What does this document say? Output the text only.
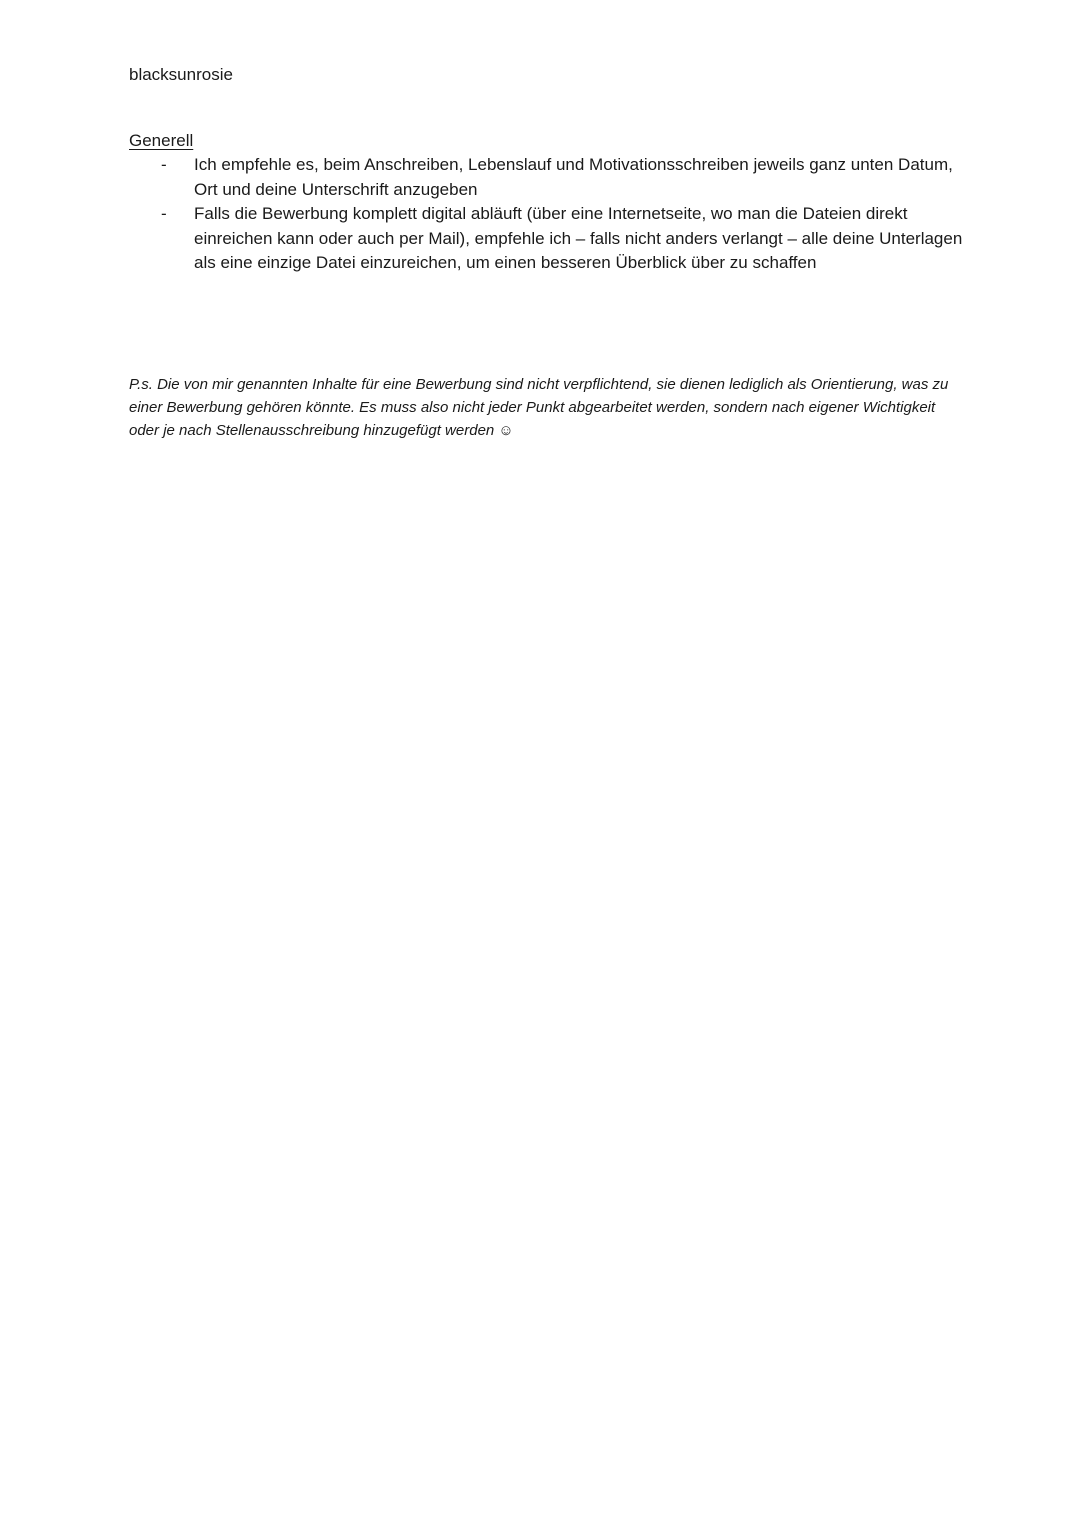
blacksunrosie
Generell
- Ich empfehle es, beim Anschreiben, Lebenslauf und Motivationsschreiben jeweils ganz unten Datum, Ort und deine Unterschrift anzugeben
- Falls die Bewerbung komplett digital abläuft (über eine Internetseite, wo man die Dateien direkt einreichen kann oder auch per Mail), empfehle ich – falls nicht anders verlangt – alle deine Unterlagen als eine einzige Datei einzureichen, um einen besseren Überblick über zu schaffen
P.s. Die von mir genannten Inhalte für eine Bewerbung sind nicht verpflichtend, sie dienen lediglich als Orientierung, was zu einer Bewerbung gehören könnte. Es muss also nicht jeder Punkt abgearbeitet werden, sondern nach eigener Wichtigkeit oder je nach Stellenausschreibung hinzugefügt werden ☺
